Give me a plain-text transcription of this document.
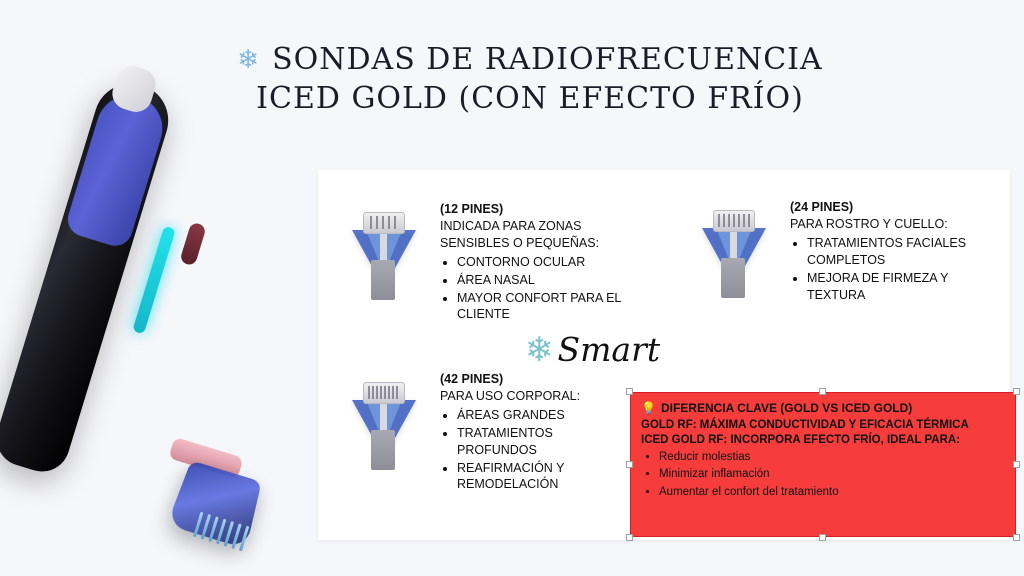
❄ SONDAS DE RADIOFRECUENCIA
ICED GOLD (CON EFECTO FRÍO)
(12 PINES)

INDICADA PARA ZONAS SENSIBLES O PEQUEÑAS:

• CONTORNO OCULAR
• ÁREA NASAL
• MAYOR CONFORT PARA EL CLIENTE
(24 PINES)

PARA ROSTRO Y CUELLO:

• TRATAMIENTOS FACIALES COMPLETOS
• MEJORA DE FIRMEZA Y TEXTURA
(42 PINES)

PARA USO CORPORAL:

• ÁREAS GRANDES
• TRATAMIENTOS PROFUNDOS
• REAFIRMACIÓN Y REMODELACIÓN
❄ Smart
💡 DIFERENCIA CLAVE (GOLD VS ICED GOLD)
GOLD RF: MÁXIMA CONDUCTIVIDAD Y EFICACIA TÉRMICA
ICED GOLD RF: INCORPORA EFECTO FRÍO, IDEAL PARA:
• Reducir molestias
• Minimizar inflamación
• Aumentar el confort del tratamiento
